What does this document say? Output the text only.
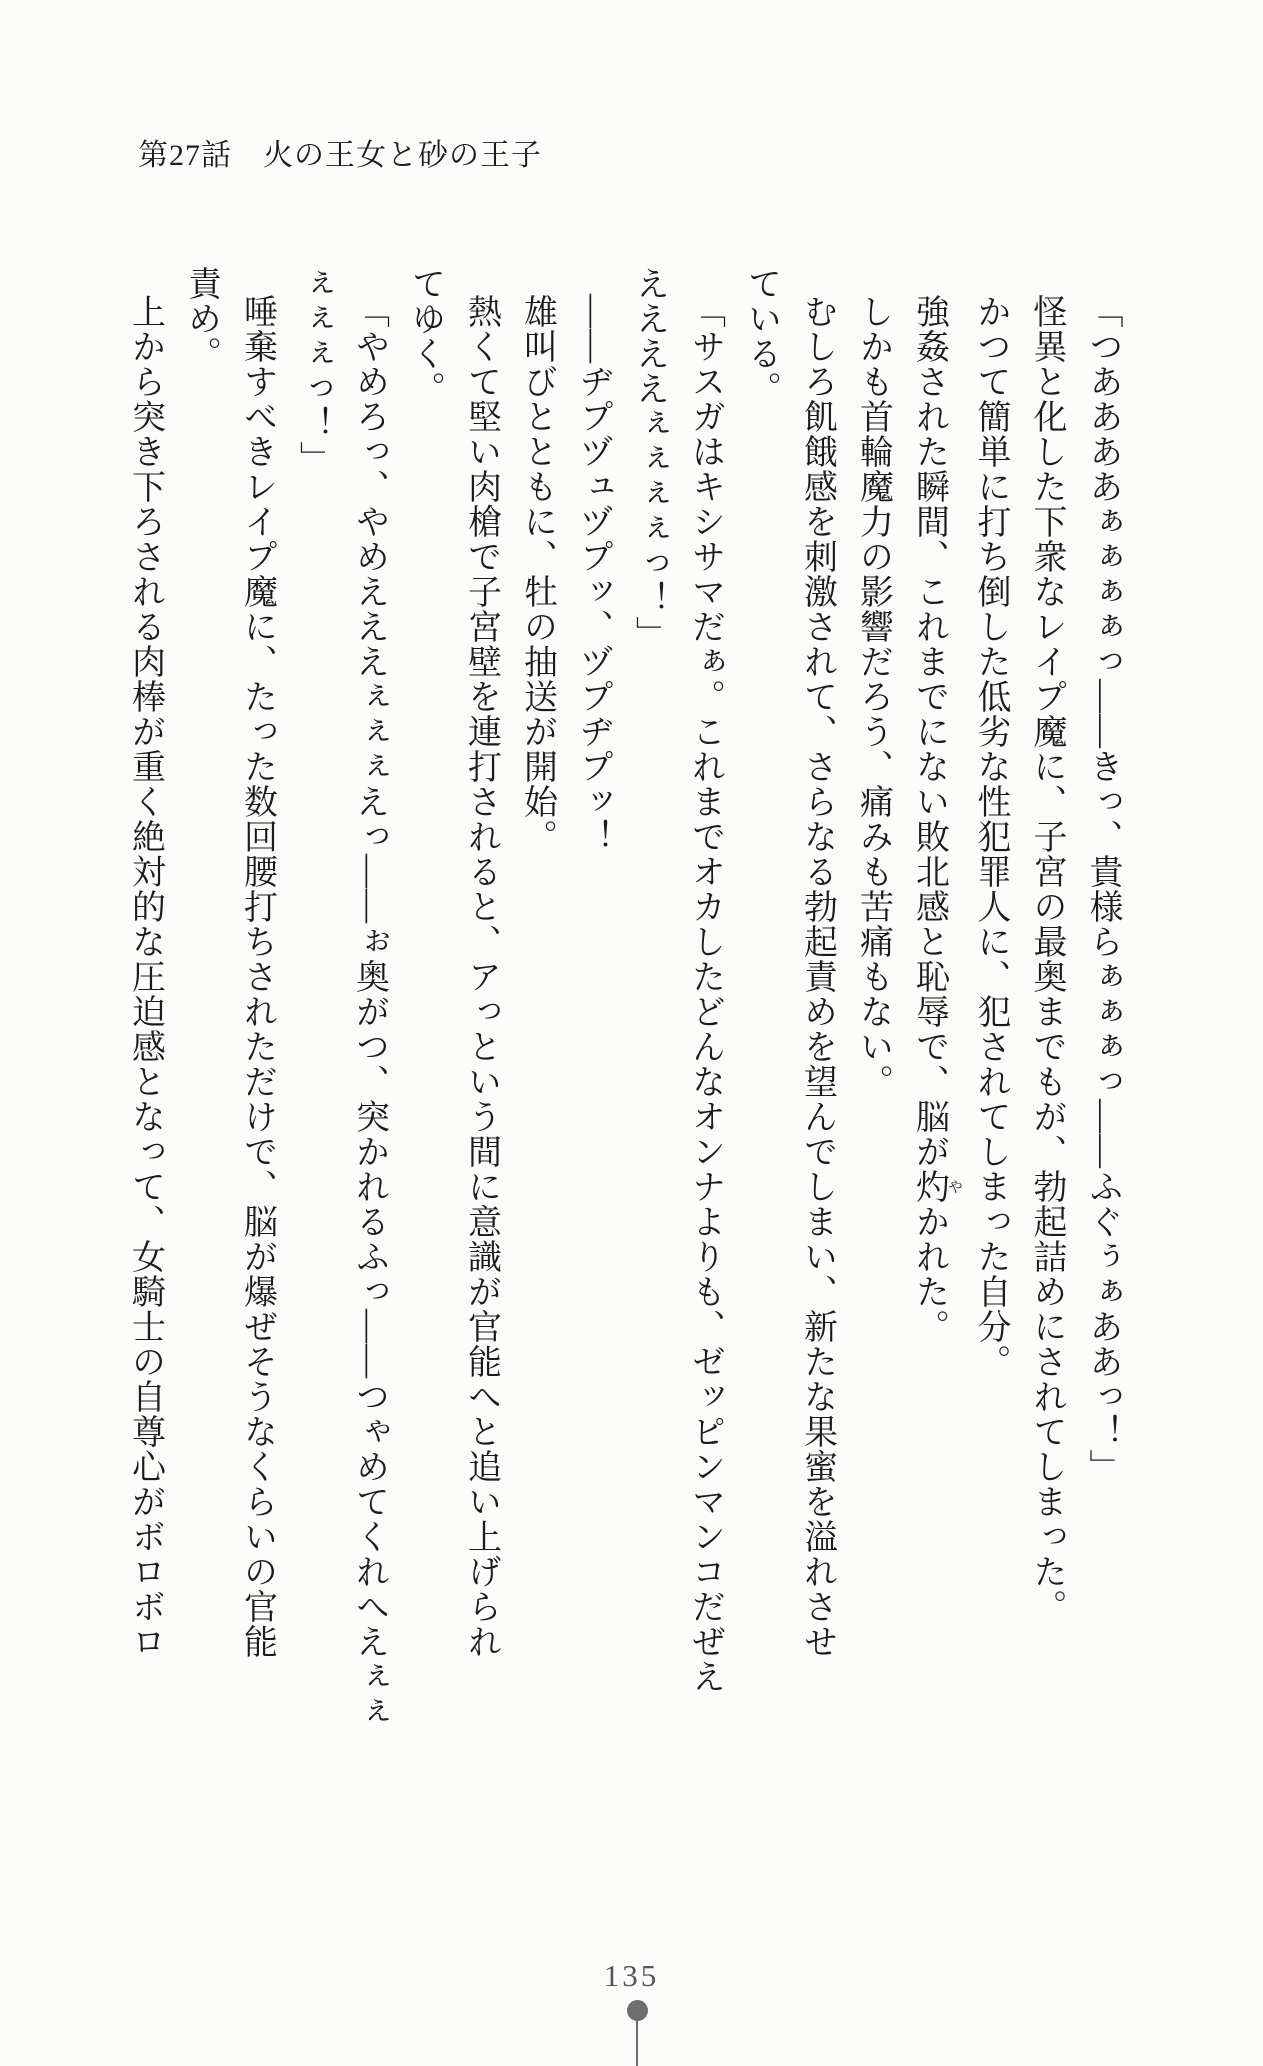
第27話　火の王女と砂の王子
「つああああぁぁぁぁっ――きっ、貴様らぁぁぁっ――ふぐぅぁああっ！」
怪異と化した下衆なレイプ魔に、子宮の最奥までもが、勃起詰めにされてしまった。
かつて簡単に打ち倒した低劣な性犯罪人に、犯されてしまった自分。
強姦された瞬間、これまでにない敗北感と恥辱で、脳が灼やかれた。
しかも首輪魔力の影響だろう、痛みも苦痛もない。
むしろ飢餓感を刺激されて、さらなる勃起責めを望んでしまい、新たな果蜜を溢れさせ
ている。
「サスガはキシサマだぁ。これまでオカしたどんなオンナよりも、ゼッピンマンコだぜえ
ええええぇぇぇぇっ！」
――ヂプヅュヅプッ、ヅプヂプッ！
雄叫びとともに、牡の抽送が開始。
熱くて堅い肉槍で子宮壁を連打されると、アっという間に意識が官能へと追い上げられ
てゆく。
「やめろっ、やめえええぇぇぇえっ――ぉ奥がつ、突かれるふっ――つゃめてくれへえぇぇ
ぇぇぇっ！」
唾棄すべきレイプ魔に、たった数回腰打ちされただけで、脳が爆ぜそうなくらいの官能
責め。
上から突き下ろされる肉棒が重く絶対的な圧迫感となって、女騎士の自尊心がボロボロ
135
